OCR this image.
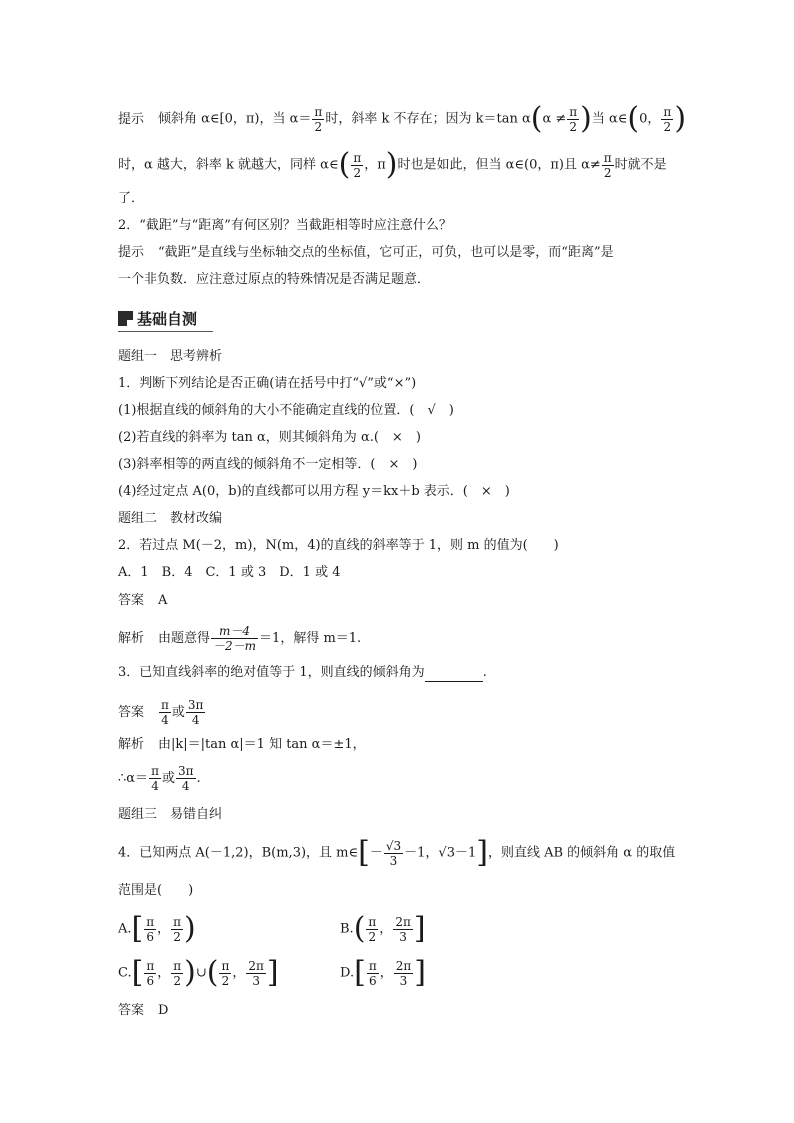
提示 倾斜角 α∈[0，π)，当 $\alpha= \frac{\pi}{2}$ 时，斜率 k 不存在；因为 k＝tan $\alpha(\alpha \ne \frac{\pi}{2}$ )当 α∈(0， $\frac{\pi}{2}$ )
时，α 越大，斜率 k 就越大，同样 α∈( $\frac{\pi}{2}$ ，π)时也是如此，但当 α∈(0，π)且 $\alpha\ne \frac{\pi}{2}$ 时就不是
了．
2．“截距”与“距离”有何区别？当截距相等时应注意什么？
提示 “截距”是直线与坐标轴交点的坐标值，它可正，可负，也可以是零，而“距离”是
一个非负数．应注意过原点的特殊情况是否满足题意．
基础自测
题组一　思考辨析
1．判断下列结论是否正确(请在括号中打“√”或“×”)
(1)根据直线的倾斜角的大小不能确定直线的位置．(　√　)
(2)若直线的斜率为 tan α，则其倾斜角为 α.(　×　)
(3)斜率相等的两直线的倾斜角不一定相等．(　×　)
(4)经过定点 A(0，b)的直线都可以用方程 y＝kx＋b 表示．(　×　)
题组二　教材改编
2．若过点 M(－2，m)，N(m，4)的直线的斜率等于 1，则 m 的值为(　　)
A．1　B．4　C．1 或 3　D．1 或 4
答案 A
解析 由题意得 $\frac{m-4}{-2-m} =1$，解得 m＝1.
3．已知直线斜率的绝对值等于 1，则直线的倾斜角为	.
答案 $\frac{\pi}{4}$ 或 $\frac{3\pi}{4}$
解析 由|k|＝|tan α|＝1 知 tan α＝±1，
∴α＝ $\frac{\pi}{4}$ 或 $\frac{3\pi}{4}$ .
题组三　易错自纠
4．已知两点 A(－1,2)，B(m,3)，且 m∈[－ $\frac{√3}{3} -1$，√3－1]，则直线 AB 的倾斜角 α 的取值
范围是(　　)
$A.[ \frac{\pi}{6}$ ， $\frac{\pi}{2}$ )	$B.( \frac{\pi}{2}$ ， $\frac{2\pi}{3}$ ]
$C.[ \frac{\pi}{6}$ ， $\frac{\pi}{2}$ )∪( $\frac{\pi}{2}$ ， $\frac{2\pi}{3}$ ]	$D.[ \frac{\pi}{6}$ ， $\frac{2\pi}{3}$ ]
答案 D
